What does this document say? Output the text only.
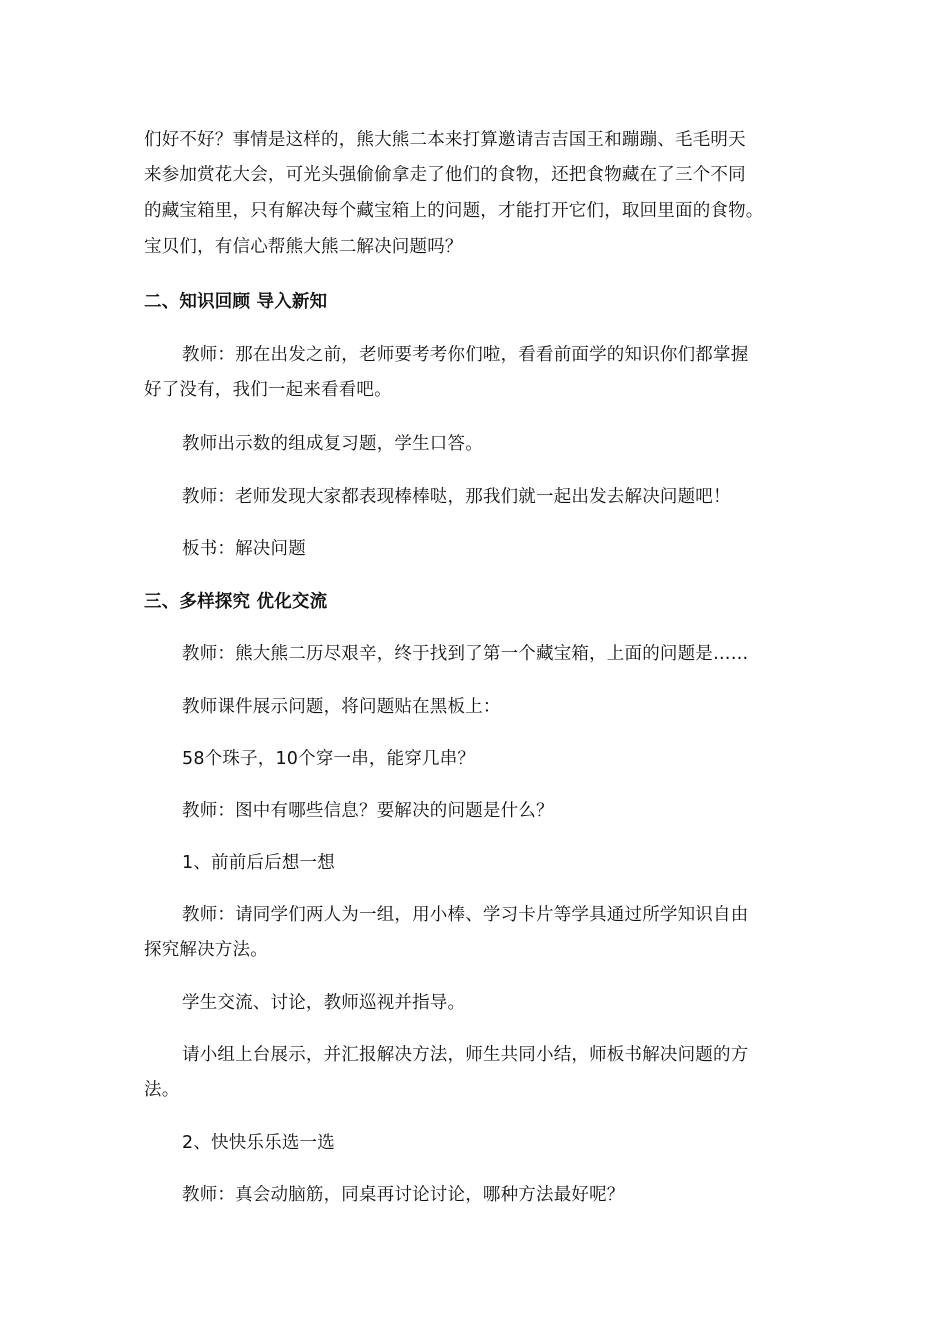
们好不好？事情是这样的，熊大熊二本来打算邀请吉吉国王和蹦蹦、毛毛明天
来参加赏花大会，可光头强偷偷拿走了他们的食物，还把食物藏在了三个不同
的藏宝箱里，只有解决每个藏宝箱上的问题，才能打开它们，取回里面的食物。
宝贝们，有信心帮熊大熊二解决问题吗？
二、知识回顾 导入新知
教师：那在出发之前，老师要考考你们啦，看看前面学的知识你们都掌握
好了没有，我们一起来看看吧。
教师出示数的组成复习题，学生口答。
教师：老师发现大家都表现棒棒哒，那我们就一起出发去解决问题吧！
板书：解决问题
三、多样探究 优化交流
教师：熊大熊二历尽艰辛，终于找到了第一个藏宝箱，上面的问题是……
教师课件展示问题，将问题贴在黑板上：
58个珠子，10个穿一串，能穿几串？
教师：图中有哪些信息？要解决的问题是什么？
1、前前后后想一想
教师：请同学们两人为一组，用小棒、学习卡片等学具通过所学知识自由
探究解决方法。
学生交流、讨论，教师巡视并指导。
请小组上台展示，并汇报解决方法，师生共同小结，师板书解决问题的方
法。
2、快快乐乐选一选
教师：真会动脑筋，同桌再讨论讨论，哪种方法最好呢？
